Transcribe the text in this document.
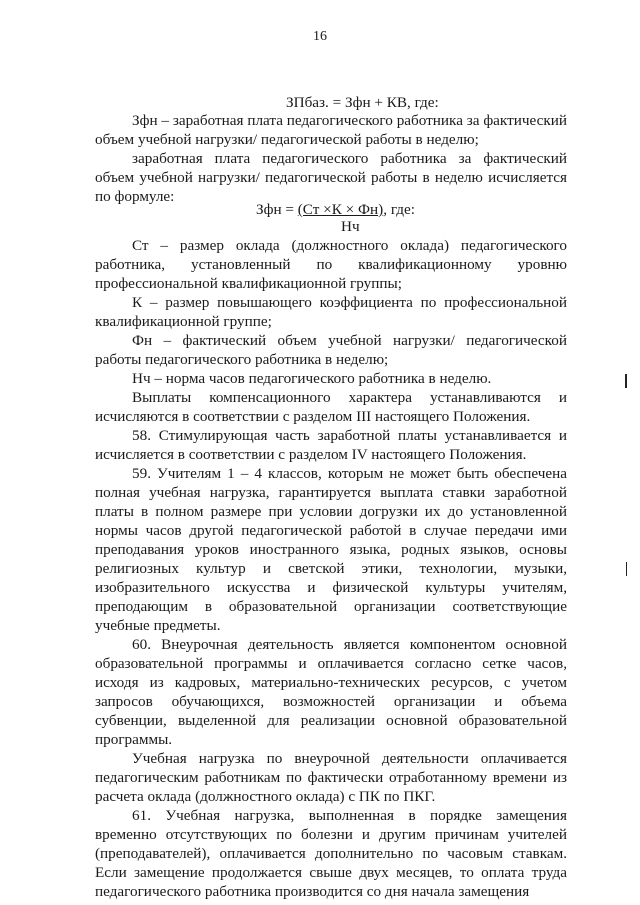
16
ЗПбаз. = Зфн + КВ, где:

Зфн – заработная плата педагогического работника за фактический объем учебной нагрузки/ педагогической работы в неделю;

заработная плата педагогического работника за фактический объем учебной нагрузки/ педагогической работы в неделю исчисляется по формуле:

Зфн = (Ст ×К × Фн), где:
Нч

Ст – размер оклада (должностного оклада) педагогического работника, установленный по квалификационному уровню профессиональной квалификационной группы;

К – размер повышающего коэффициента по профессиональной квалификационной группе;

Фн – фактический объем учебной нагрузки/ педагогической работы педагогического работника в неделю;

Нч – норма часов педагогического работника в неделю.

Выплаты компенсационного характера устанавливаются и исчисляются в соответствии с разделом III настоящего Положения.

58. Стимулирующая часть заработной платы устанавливается и исчисляется в соответствии с разделом IV настоящего Положения.

59. Учителям 1 – 4 классов, которым не может быть обеспечена полная учебная нагрузка, гарантируется выплата ставки заработной платы в полном размере при условии догрузки их до установленной нормы часов другой педагогической работой в случае передачи ими преподавания уроков иностранного языка, родных языков, основы религиозных культур и светской этики, технологии, музыки, изобразительного искусства и физической культуры учителям, преподающим в образовательной организации соответствующие учебные предметы.

60. Внеурочная деятельность является компонентом основной образовательной программы и оплачивается согласно сетке часов, исходя из кадровых, материально-технических ресурсов, с учетом запросов обучающихся, возможностей организации и объема субвенции, выделенной для реализации основной образовательной программы.

Учебная нагрузка по внеурочной деятельности оплачивается педагогическим работникам по фактически отработанному времени из расчета оклада (должностного оклада) с ПК по ПКГ.

61. Учебная нагрузка, выполненная в порядке замещения временно отсутствующих по болезни и другим причинам учителей (преподавателей), оплачивается дополнительно по часовым ставкам. Если замещение продолжается свыше двух месяцев, то оплата труда педагогического работника производится со дня начала замещения
